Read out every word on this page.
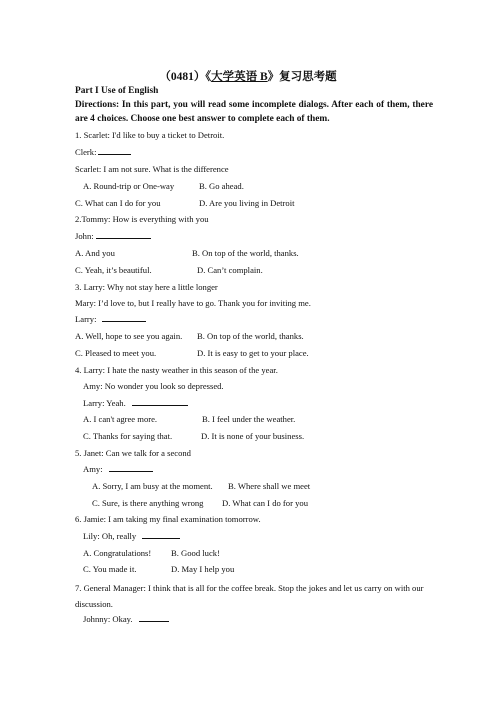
（0481）《大学英语 B》复习思考题
Part I Use of English
Directions: In this part, you will read some incomplete dialogs. After each of them, there are 4 choices. Choose one best answer to complete each of them.
1. Scarlet: I'd like to buy a ticket to Detroit.
Clerk:
Scarlet: I am not sure. What is the difference
A. Round-trip or One-way	B. Go ahead.
C. What can I do for you	D. Are you living in Detroit
2.Tommy: How is everything with you
John:
A. And you	B. On top of the world, thanks.
C. Yeah, it’s beautiful.	D. Can’t complain.
3. Larry: Why not stay here a little longer
Mary: I’d love to, but I really have to go. Thank you for inviting me.
Larry:
A. Well, hope to see you again. B. On top of the world, thanks.
C. Pleased to meet you.	D. It is easy to get to your place.
4. Larry: I hate the nasty weather in this season of the year.
Amy: No wonder you look so depressed.
Larry: Yeah.
A. I can't agree more.	B. I feel under the weather.
C. Thanks for saying that.	D. It is none of your business.
5. Janet: Can we talk for a second
Amy:
A. Sorry, I am busy at the moment. B. Where shall we meet
C. Sure, is there anything wrong D. What can I do for you
6. Jamie: I am taking my final examination tomorrow.
Lily: Oh, really
A. Congratulations! B. Good luck!
C. You made it.	D. May I help you
7. General Manager: I think that is all for the coffee break. Stop the jokes and let us carry on with our discussion.
Johnny: Okay.
